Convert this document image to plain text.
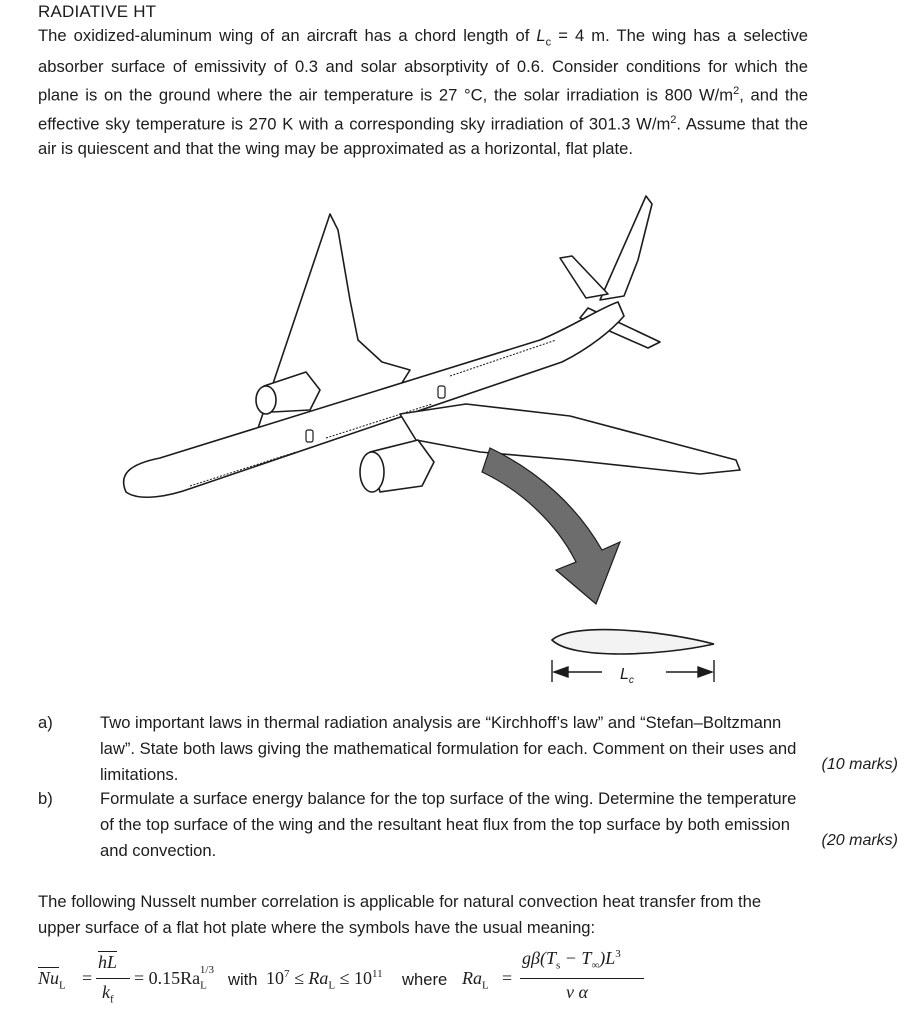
RADIATIVE HT
The oxidized-aluminum wing of an aircraft has a chord length of $L_c = 4$ m. The wing has a selective absorber surface of emissivity of 0.3 and solar absorptivity of 0.6. Consider conditions for which the plane is on the ground where the air temperature is 27 °C, the solar irradiation is 800 $W/m^2$, and the effective sky temperature is 270 K with a corresponding sky irradiation of 301.3 $W/m^2$. Assume that the air is quiescent and that the wing may be approximated as a horizontal, flat plate.
$L_c$
a)	Two important laws in thermal radiation analysis are “Kirchhoff’s law” and “Stefan–Boltzmann law”. State both laws giving the mathematical formulation for each. Comment on their uses and limitations.
(10 marks)
b)	Formulate a surface energy balance for the top surface of the wing. Determine the temperature of the top surface of the wing and the resultant heat flux from the top surface by both emission and convection.
(20 marks)
The following Nusselt number correlation is applicable for natural convection heat transfer from the upper surface of a flat hot plate where the symbols have the usual meaning:
$\overline{Nu}_L$ =
$\overline{hL}$
$k_f$
= $0.15Ra_L^{1/3}$ with $10^7 \le Ra_L \le 10^{11}$ where $Ra_L$ =
$g\beta(T_s - T_\infty)L^3$
ν α
